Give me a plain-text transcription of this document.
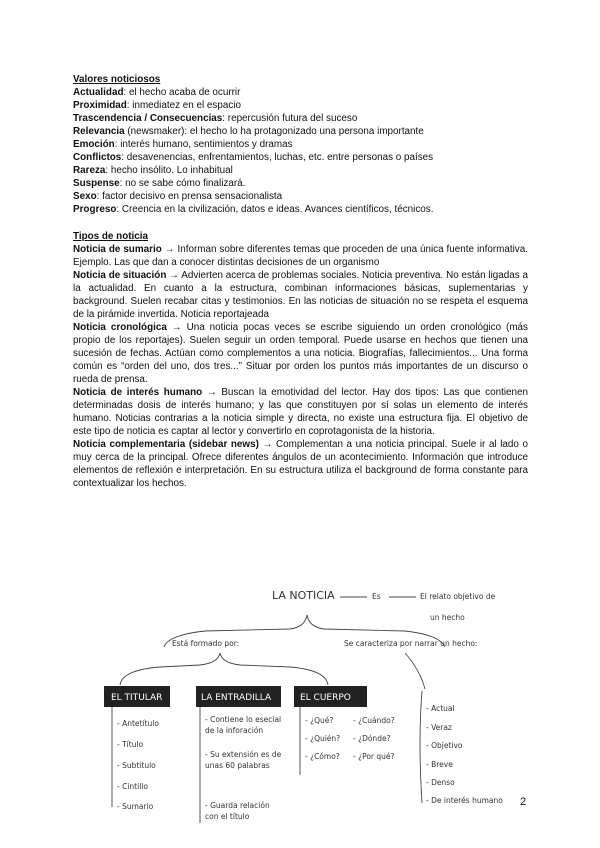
Valores noticiosos
Actualidad: el hecho acaba de ocurrir
Proximidad: inmediatez en el espacio
Trascendencia / Consecuencias: repercusión futura del suceso
Relevancia (newsmaker): el hecho lo ha protagonizado una persona importante
Emoción: interés humano, sentimientos y dramas
Conflictos: desavenencias, enfrentamientos, luchas, etc. entre personas o países
Rareza: hecho insólito. Lo inhabitual
Suspense: no se sabe cómo finalizará.
Sexo: factor decisivo en prensa sensacionalista
Progreso: Creencia en la civilización, datos e ideas. Avances científicos, técnicos.
Tipos de noticia
Noticia de sumario → Informan sobre diferentes temas que proceden de una única fuente informativa. Ejemplo. Las que dan a conocer distintas decisiones de un organismo
Noticia de situación → Advierten acerca de problemas sociales. Noticia preventiva. No están ligadas a la actualidad. En cuanto a la estructura, combinan informaciones básicas, suplementarias y background. Suelen recabar citas y testimonios. En las noticias de situación no se respeta el esquema de la pirámide invertida. Noticia reportajeada
Noticia cronológica → Una noticia pocas veces se escribe siguiendo un orden cronológico (más propio de los reportajes). Suelen seguir un orden temporal. Puede usarse en hechos que tienen una sucesión de fechas. Actúan como complementos a una noticia. Biografías, fallecimientos... Una forma común es “orden del uno, dos tres...” Situar por orden los puntos más importantes de un discurso o rueda de prensa.
Noticia de interés humano → Buscan la emotividad del lector. Hay dos tipos: Las que contienen determinadas dosis de interés humano; y las que constituyen por sí solas un elemento de interés humano. Noticias contrarias a la noticia simple y directa, no existe una estructura fija. El objetivo de este tipo de noticia es captar al lector y convertirlo en coprotagonista de la historia.
Noticia complementaria (sidebar news) → Complementan a una noticia principal. Suele ir al lado o muy cerca de la principal. Ofrece diferentes ángulos de un acontecimiento. Información que introduce elementos de reflexión e interpretación. En su estructura utiliza el background de forma constante para contextualizar los hechos.
LA NOTICIA	Es	El relato objetivo de
un hecho
Está formado por:	Se caracteriza por narrar un hecho:
EL TITULAR	LA ENTRADILLA	EL CUERPO
- Antetítulo
- Título
- Subtítulo
- Cintillo
- Sumario
- Contiene lo esecial
de la inforación
- Su extensión es de
unas 60 palabras
- Guarda relación
con el título
- ¿Qué?
- ¿Quién?
- ¿Cómo?
- ¿Cuándo?
- ¿Dónde?
- ¿Por qué?
- Actual
- Veraz
- Objetivo
- Breve
- Denso
- De interés humano 2
